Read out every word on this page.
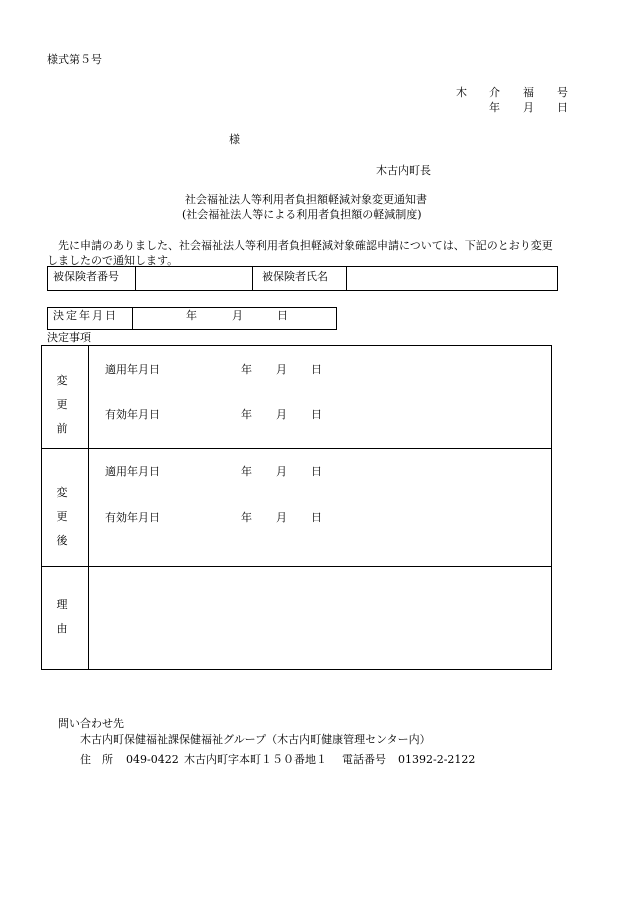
様式第５号
木 介 福 号
年 月 日
様
木古内町長
社会福祉法人等利用者負担額軽減対象変更通知書
(社会福祉法人等による利用者負担額の軽減制度)
先に申請のありました、社会福祉法人等利用者負担軽減対象確認申請については、下記のとおり変更
しましたので通知します。
被保険者番号	被保険者氏名
決定年月日	年	月	日
決定事項
変
更
前
適用年月日	年 月 日
有効年月日	年 月 日
変
更
後
適用年月日	年 月 日
有効年月日	年 月 日
理
由
問い合わせ先
木古内町保健福祉課保健福祉グループ（木古内町健康管理センター内）
住　所 049-0422 木古内町字本町１５０番地１ 電話番号 01392-2-2122
